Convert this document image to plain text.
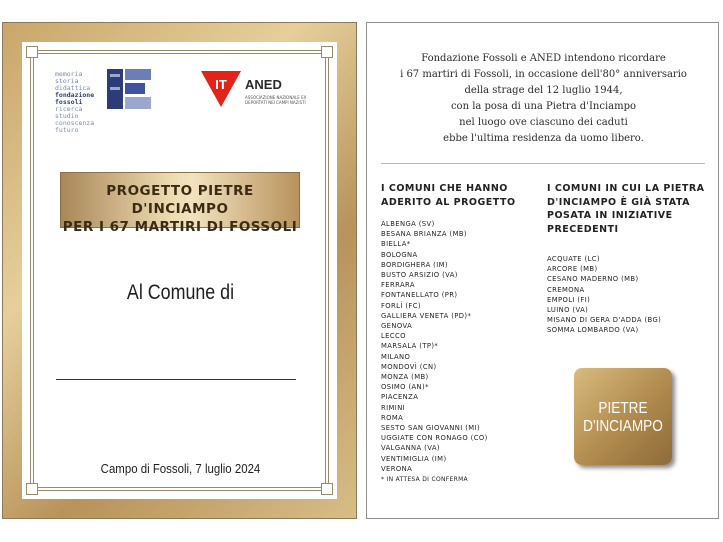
memoria
storia
didattica
fondazione
fossoli
ricerca
studio
conoscenza
futuro
IT ANED
ASSOCIAZIONE NAZIONALE EX DEPORTATI NEI CAMPI NAZISTI
PROGETTO PIETRE D'INCIAMPO
PER I 67 MARTIRI DI FOSSOLI
Al Comune di
Campo di Fossoli, 7 luglio 2024
Fondazione Fossoli e ANED intendono ricordare
i 67 martiri di Fossoli, in occasione dell'80° anniversario
della strage del 12 luglio 1944,
con la posa di una Pietra d'Inciampo
nel luogo ove ciascuno dei caduti
ebbe l'ultima residenza da uomo libero.
I COMUNI CHE HANNO
ADERITO AL PROGETTO
ALBENGA (SV)
BESANA BRIANZA (MB)
BIELLA*
BOLOGNA
BORDIGHERA (IM)
BUSTO ARSIZIO (VA)
FERRARA
FONTANELLATO (PR)
FORLÌ (FC)
GALLIERA VENETA (PD)*
GENOVA
LECCO
MARSALA (TP)*
MILANO
MONDOVÌ (CN)
MONZA (MB)
OSIMO (AN)*
PIACENZA
RIMINI
ROMA
SESTO SAN GIOVANNI (MI)
UGGIATE CON RONAGO (CO)
VALGANNA (VA)
VENTIMIGLIA (IM)
VERONA
* IN ATTESA DI CONFERMA
I COMUNI IN CUI LA PIETRA
D'INCIAMPO È GIÀ STATA
POSATA IN INIZIATIVE
PRECEDENTI
ACQUATE (LC)
ARCORE (MB)
CESANO MADERNO (MB)
CREMONA
EMPOLI (FI)
LUINO (VA)
MISANO DI GERA D'ADDA (BG)
SOMMA LOMBARDO (VA)
PIETRE
D'INCIAMPO
